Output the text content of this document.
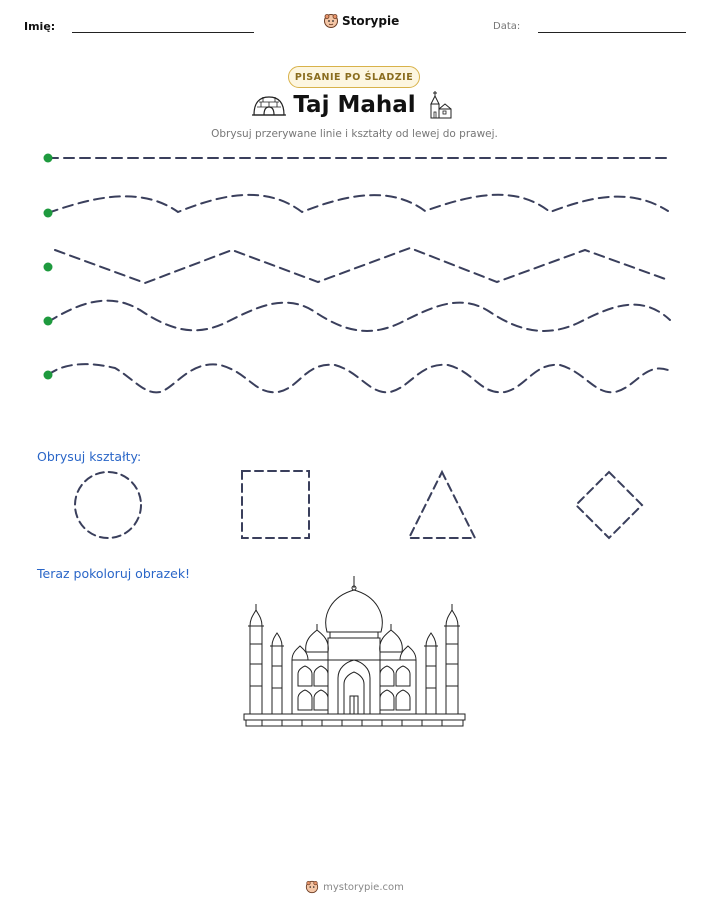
Imię:	Storypie	Data:
PISANIE PO ŚLADZIE
Taj Mahal
Obrysuj przerywane linie i kształty od lewej do prawej.
Obrysuj kształty:
Teraz pokoloruj obrazek!
mystorypie.com
